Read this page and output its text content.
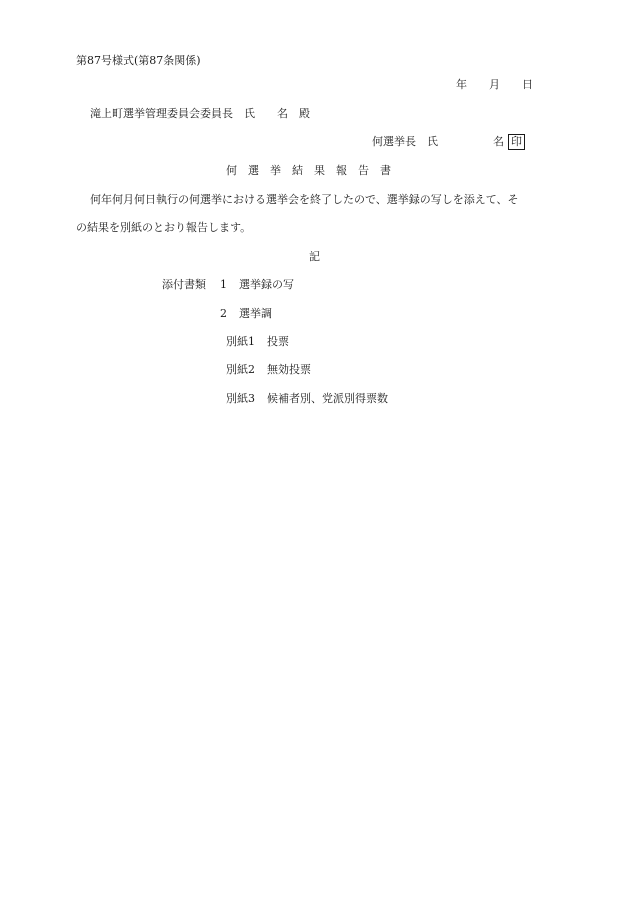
第87号様式(第87条関係)
年　　月　　日
滝上町選挙管理委員会委員長　氏　　名　殿
何選挙長　氏　　　　　名 印
何　選　挙　結　果　報　告　書
何年何月何日執行の何選挙における選挙会を終了したので、選挙録の写しを添えて、そ
の結果を別紙のとおり報告します。
記
添付書類 1 選挙録の写
2 選挙調
別紙1 投票
別紙2 無効投票
別紙3 候補者別、党派別得票数
